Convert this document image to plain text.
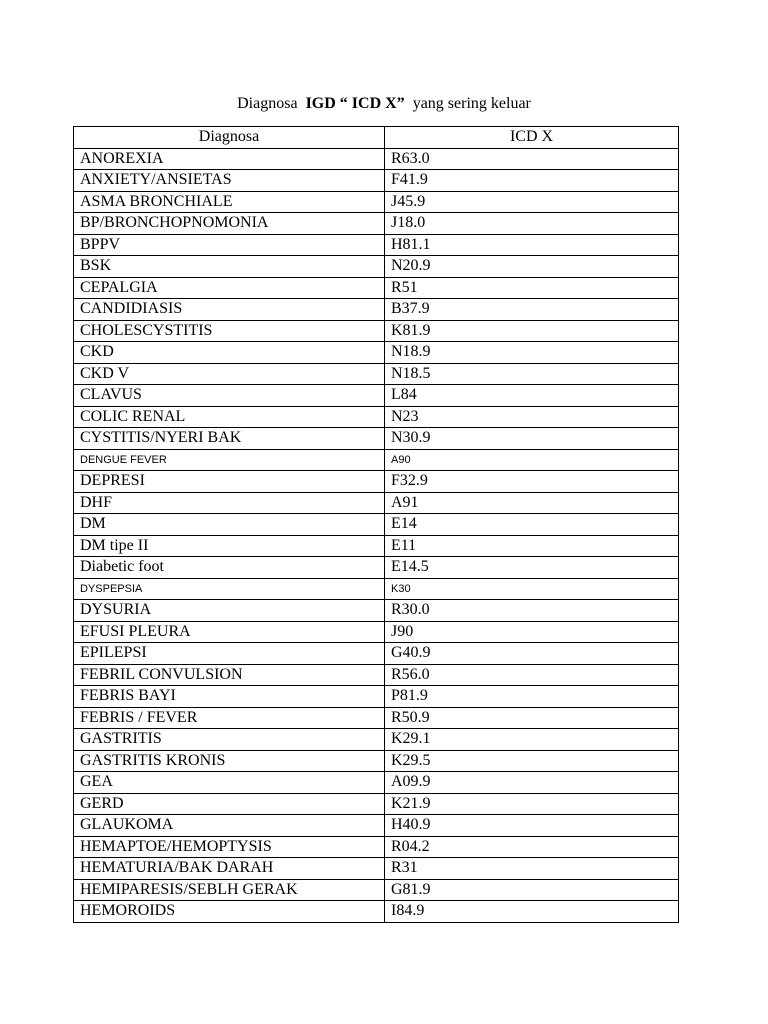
Diagnosa  IGD “ ICD X”  yang sering keluar
Diagnosa	ICD X
ANOREXIA	R63.0
ANXIETY/ANSIETAS	F41.9
ASMA BRONCHIALE	J45.9
BP/BRONCHOPNOMONIA	J18.0
BPPV	H81.1
BSK	N20.9
CEPALGIA	R51
CANDIDIASIS	B37.9
CHOLESCYSTITIS	K81.9
CKD	N18.9
CKD V	N18.5
CLAVUS	L84
COLIC RENAL	N23
CYSTITIS/NYERI BAK	N30.9
DENGUE FEVER	A90
DEPRESI	F32.9
DHF	A91
DM	E14
DM tipe II	E11
Diabetic foot	E14.5
DYSPEPSIA	K30
DYSURIA	R30.0
EFUSI PLEURA	J90
EPILEPSI	G40.9
FEBRIL CONVULSION	R56.0
FEBRIS BAYI	P81.9
FEBRIS / FEVER	R50.9
GASTRITIS	K29.1
GASTRITIS KRONIS	K29.5
GEA	A09.9
GERD	K21.9
GLAUKOMA	H40.9
HEMAPTOE/HEMOPTYSIS	R04.2
HEMATURIA/BAK DARAH	R31
HEMIPARESIS/SEBLH GERAK	G81.9
HEMOROIDS	I84.9
